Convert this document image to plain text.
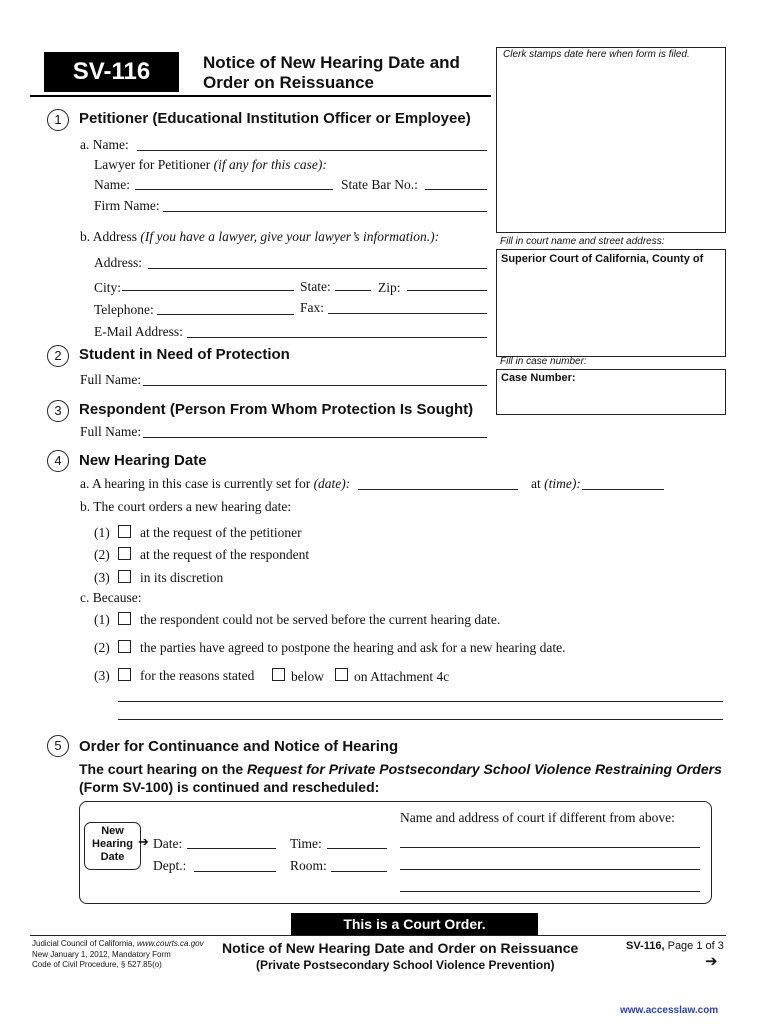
SV-116	Notice of New Hearing Date and
Order on Reissuance
Clerk stamps date here when form is filed.
Fill in court name and street address:
Superior Court of California, County of
Fill in case number:
Case Number:
1	Petitioner (Educational Institution Officer or Employee)
a. Name:
Lawyer for Petitioner (if any for this case):
Name:	State Bar No.:
Firm Name:
b. Address (If you have a lawyer, give your lawyer’s information.):
Address:
City:	State:	Zip:
Telephone:	Fax:
E-Mail Address:
2	Student in Need of Protection
Full Name:
3	Respondent (Person From Whom Protection Is Sought)
Full Name:
4	New Hearing Date
a. A hearing in this case is currently set for (date):	at (time):
b. The court orders a new hearing date:
(1) at the request of the petitioner
(2) at the request of the respondent
(3) in its discretion
c. Because:
(1) the respondent could not be served before the current hearing date.
(2) the parties have agreed to postpone the hearing and ask for a new hearing date.
(3) for the reasons stated	below on Attachment 4c
5	Order for Continuance and Notice of Hearing
The court hearing on the Request for Private Postsecondary School Violence Restraining Orders
(Form SV-100) is continued and rescheduled:
New
Hearing
Date
➔ Date:	Time:
Dept.:	Room:
Name and address of court if different from above:
This is a Court Order.
Judicial Council of California, www.courts.ca.gov
New January 1, 2012, Mandatory Form
Code of Civil Procedure, § 527.85(o)
Notice of New Hearing Date and Order on Reissuance
(Private Postsecondary School Violence Prevention)
SV-116, Page 1 of 3
➔
www.accesslaw.com
